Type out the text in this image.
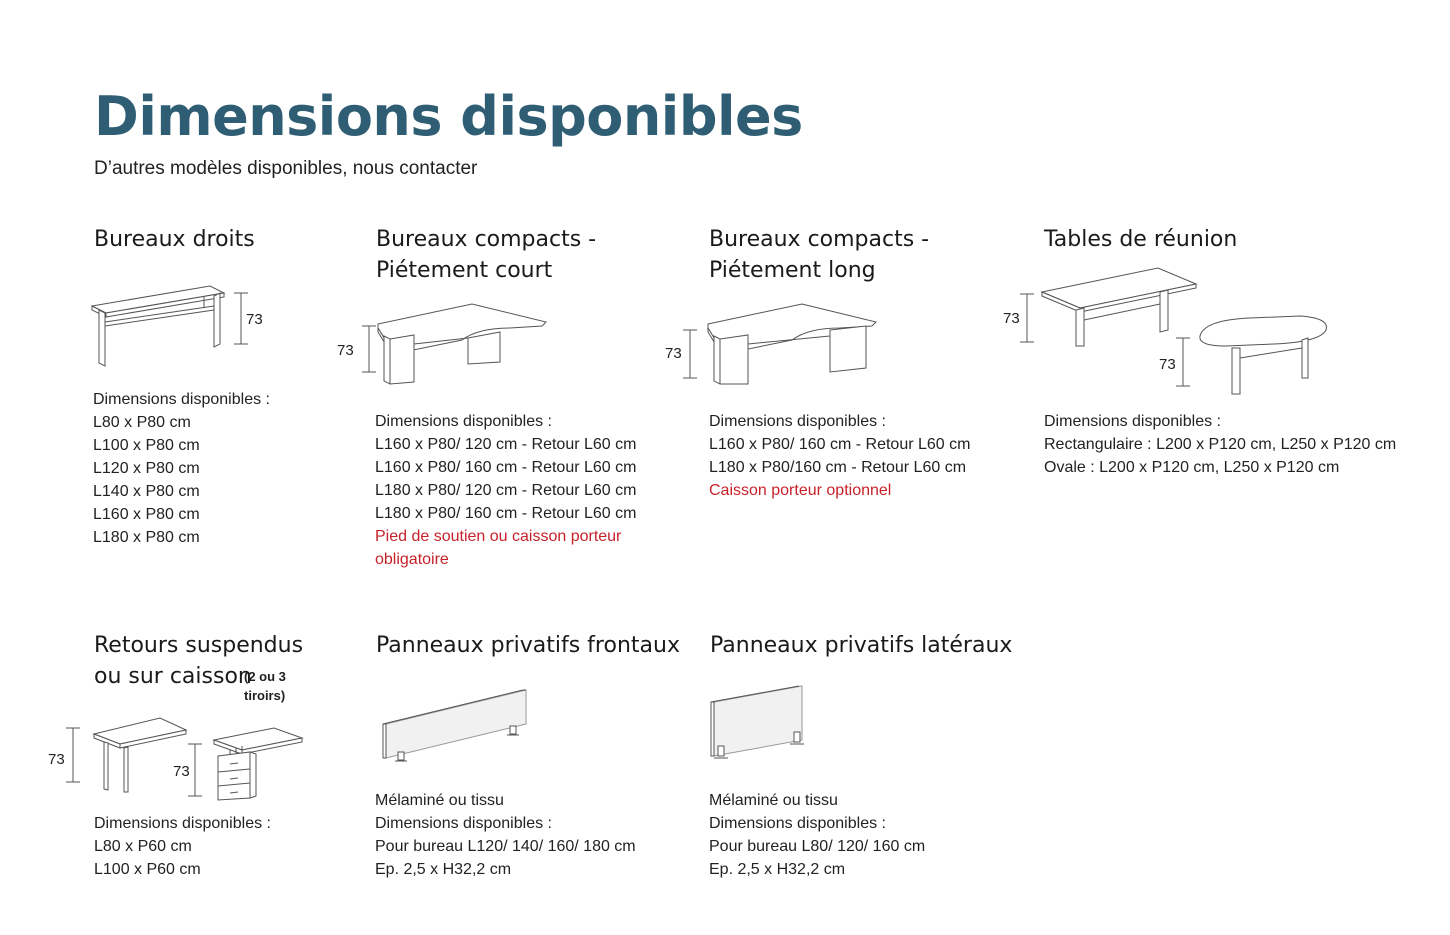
Dimensions disponibles
D’autres modèles disponibles, nous contacter
Bureaux droits
73
Dimensions disponibles :
L80 x P80 cm
L100 x P80 cm
L120 x P80 cm
L140 x P80 cm
L160 x P80 cm
L180 x P80 cm
Bureaux compacts -
Piétement court
73
Dimensions disponibles :
L160 x P80/ 120 cm - Retour L60 cm
L160 x P80/ 160 cm - Retour L60 cm
L180 x P80/ 120 cm - Retour L60 cm
L180 x P80/ 160 cm - Retour L60 cm
Pied de soutien ou caisson porteur obligatoire
Bureaux compacts -
Piétement long
73
Dimensions disponibles :
L160 x P80/ 160 cm - Retour L60 cm
L180 x P80/160 cm - Retour L60 cm
Caisson porteur optionnel
Tables de réunion
73
73
Dimensions disponibles :
Rectangulaire : L200 x P120 cm, L250 x P120 cm
Ovale : L200 x P120 cm, L250 x P120 cm
Retours suspendus
ou sur caisson
(2 ou 3 tiroirs)
73
73
Dimensions disponibles :
L80 x P60 cm
L100 x P60 cm
Panneaux privatifs frontaux
Mélaminé ou tissu
Dimensions disponibles :
Pour bureau L120/ 140/ 160/ 180 cm
Ep. 2,5 x H32,2 cm
Panneaux privatifs latéraux
Mélaminé ou tissu
Dimensions disponibles :
Pour bureau L80/ 120/ 160 cm
Ep. 2,5 x H32,2 cm
